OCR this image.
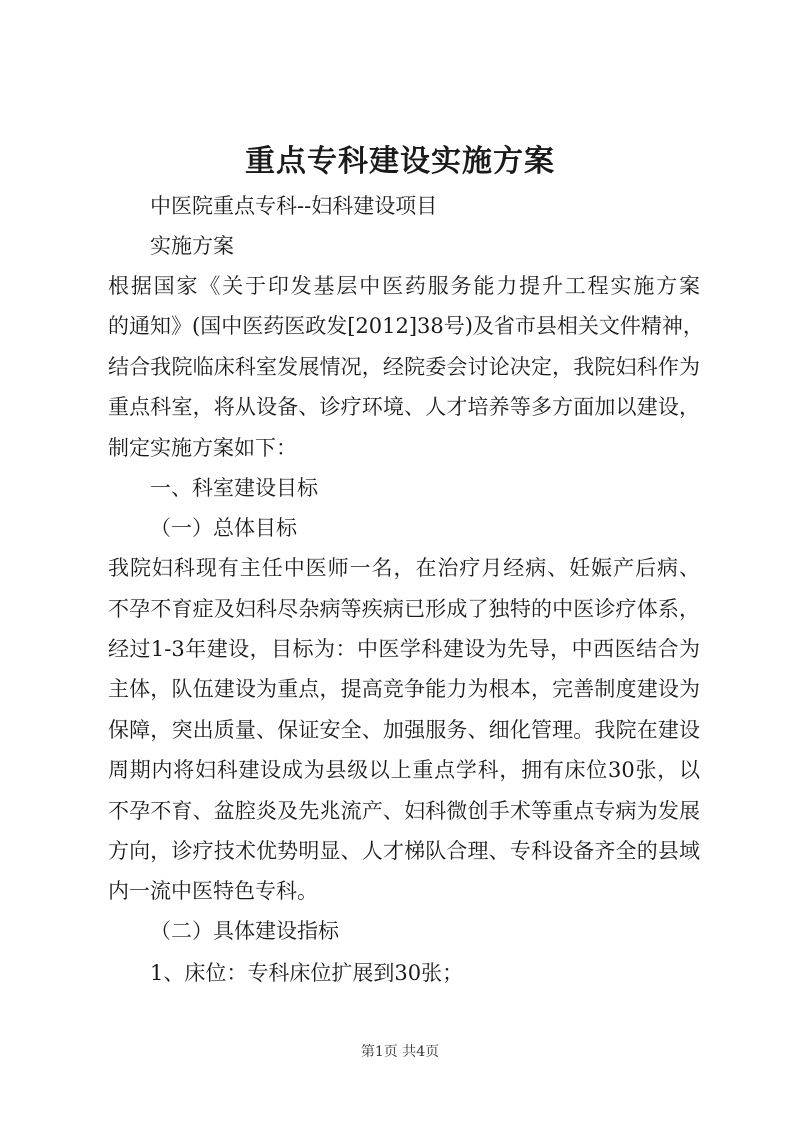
重点专科建设实施方案

中医院重点专科--妇科建设项目

实施方案

根据国家《关于印发基层中医药服务能力提升工程实施方案

的通知》(国中医药医政发[2012]38号)及省市县相关文件精神，

结合我院临床科室发展情况，经院委会讨论决定，我院妇科作为

重点科室，将从设备、诊疗环境、人才培养等多方面加以建设，

制定实施方案如下：

一、科室建设目标

（一）总体目标

我院妇科现有主任中医师一名，在治疗月经病、妊娠产后病、

不孕不育症及妇科尽杂病等疾病已形成了独特的中医诊疗体系，

经过1-3年建设，目标为：中医学科建设为先导，中西医结合为

主体，队伍建设为重点，提高竞争能力为根本，完善制度建设为

保障，突出质量、保证安全、加强服务、细化管理。我院在建设

周期内将妇科建设成为县级以上重点学科，拥有床位30张，以

不孕不育、盆腔炎及先兆流产、妇科微创手术等重点专病为发展

方向，诊疗技术优势明显、人才梯队合理、专科设备齐全的县域

内一流中医特色专科。

（二）具体建设指标

1、床位：专科床位扩展到30张；

第1页 共4页
